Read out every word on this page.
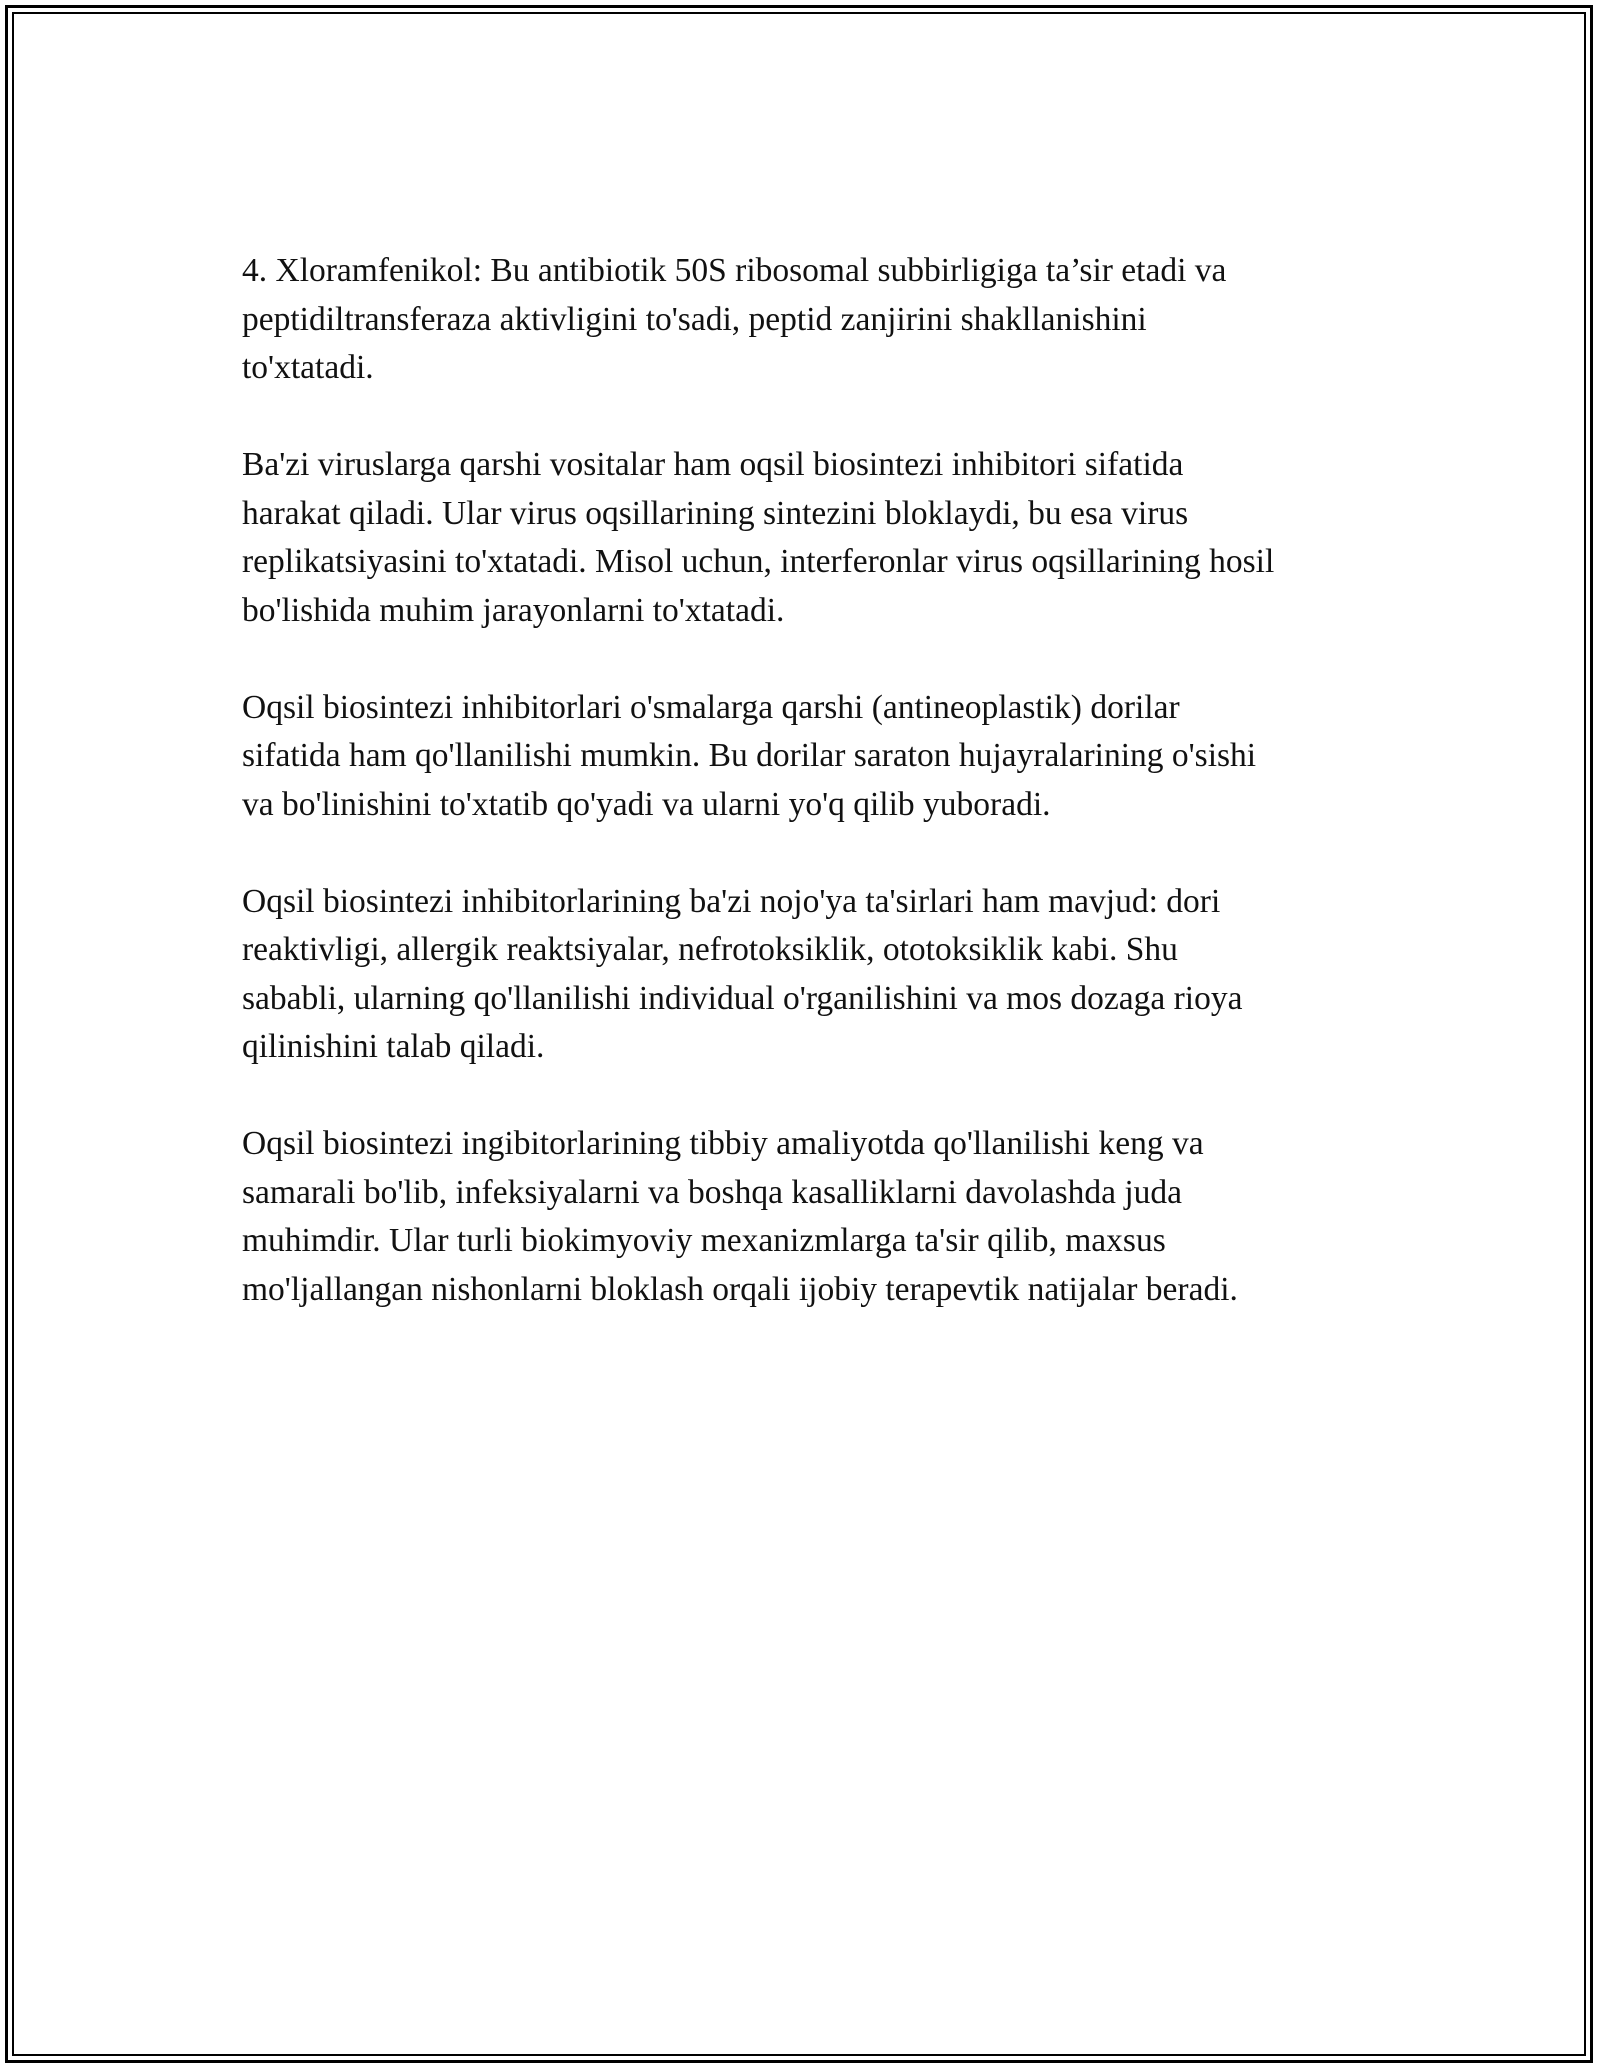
4. Xloramfenikol: Bu antibiotik 50S ribosomal subbirligiga ta’sir etadi va
peptidiltransferaza aktivligini to'sadi, peptid zanjirini shakllanishini
to'xtatadi.

Ba'zi viruslarga qarshi vositalar ham oqsil biosintezi inhibitori sifatida
harakat qiladi. Ular virus oqsillarining sintezini bloklaydi, bu esa virus
replikatsiyasini to'xtatadi. Misol uchun, interferonlar virus oqsillarining hosil
bo'lishida muhim jarayonlarni to'xtatadi.

Oqsil biosintezi inhibitorlari o'smalarga qarshi (antineoplastik) dorilar
sifatida ham qo'llanilishi mumkin. Bu dorilar saraton hujayralarining o'sishi
va bo'linishini to'xtatib qo'yadi va ularni yo'q qilib yuboradi.

Oqsil biosintezi inhibitorlarining ba'zi nojo'ya ta'sirlari ham mavjud: dori
reaktivligi, allergik reaktsiyalar, nefrotoksiklik, ototoksiklik kabi. Shu
sababli, ularning qo'llanilishi individual o'rganilishini va mos dozaga rioya
qilinishini talab qiladi.

Oqsil biosintezi ingibitorlarining tibbiy amaliyotda qo'llanilishi keng va
samarali bo'lib, infeksiyalarni va boshqa kasalliklarni davolashda juda
muhimdir. Ular turli biokimyoviy mexanizmlarga ta'sir qilib, maxsus
mo'ljallangan nishonlarni bloklash orqali ijobiy terapevtik natijalar beradi.
